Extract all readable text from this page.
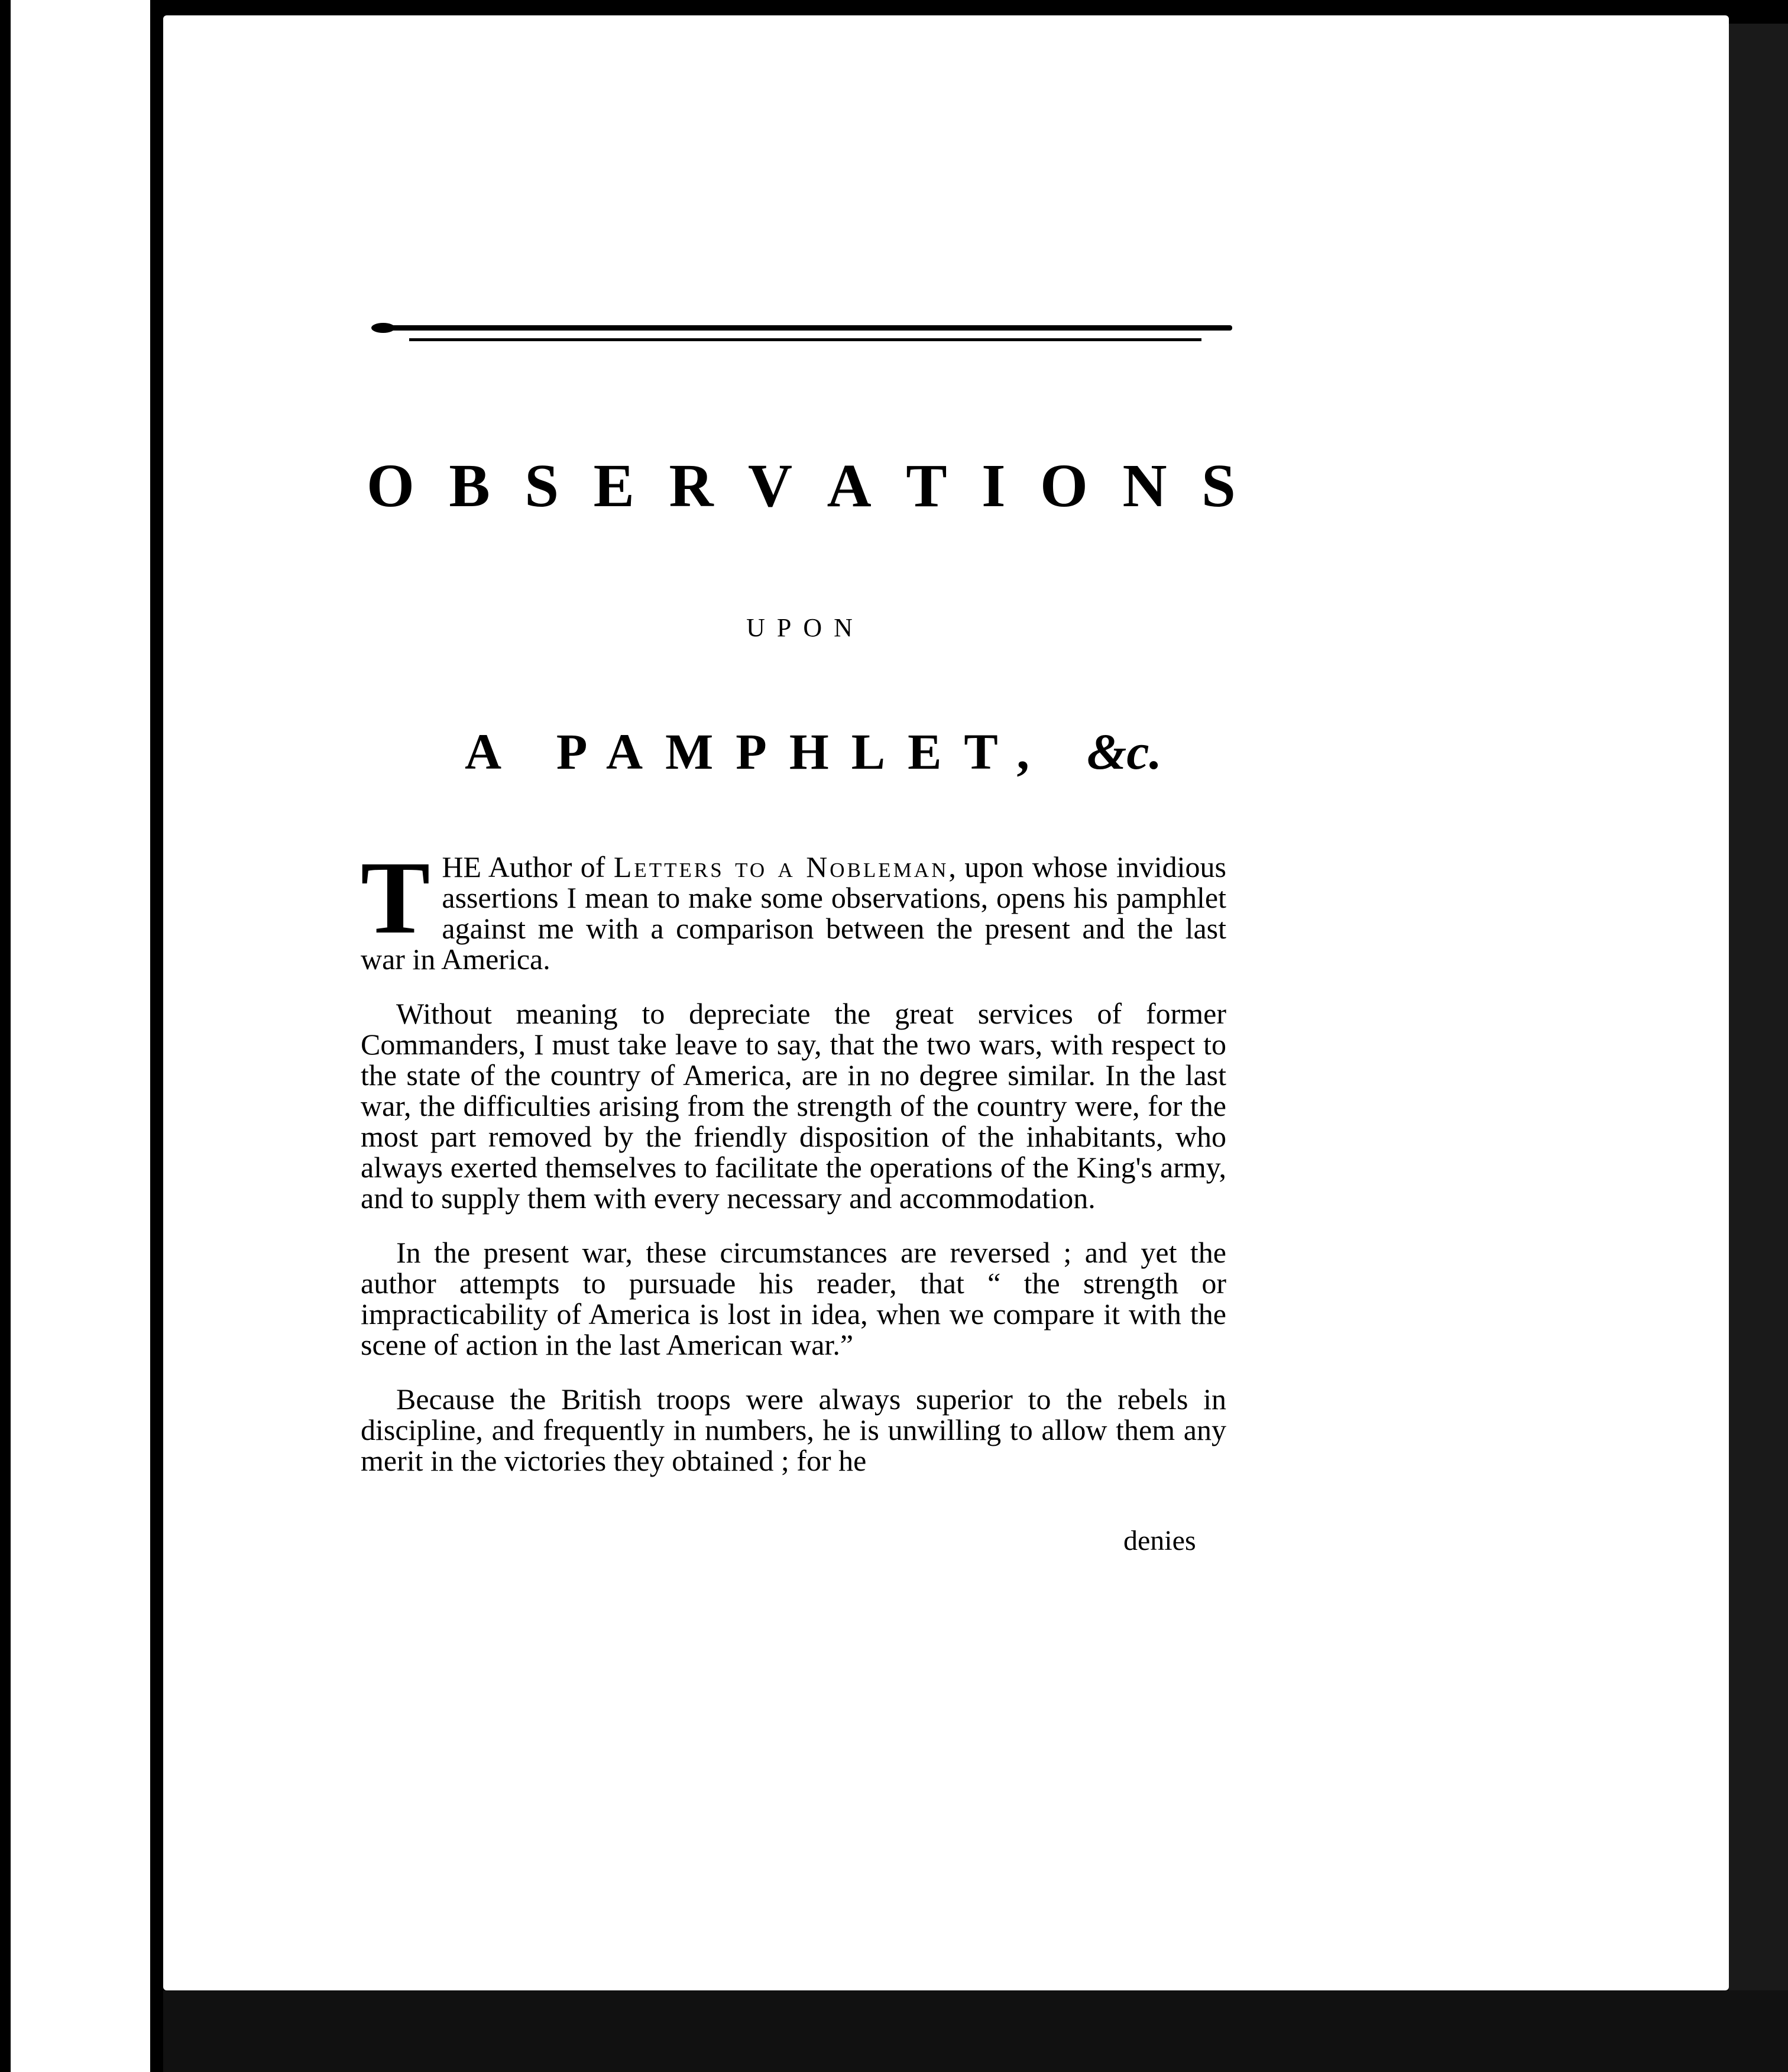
O B S E R V A T I O N S

UPON

A PAMPHLET, &c.

THE Author of Letters to a Nobleman, upon whose invidious assertions I mean to make some observations, opens his pamphlet against me with a comparison between the present and the last war in America.

Without meaning to depreciate the great services of former Commanders, I must take leave to say, that the two wars, with respect to the state of the country of America, are in no degree similar. In the last war, the difficulties arising from the strength of the country were, for the most part removed by the friendly disposition of the inhabitants, who always exerted themselves to facilitate the operations of the King's army, and to supply them with every necessary and accommodation.

In the present war, these circumstances are reversed ; and yet the author attempts to pursuade his reader, that “ the strength or impracticability of America is lost in idea, when we compare it with the scene of action in the last American war.”

Because the British troops were always superior to the rebels in discipline, and frequently in numbers, he is unwilling to allow them any merit in the victories they obtained ; for he

denies
